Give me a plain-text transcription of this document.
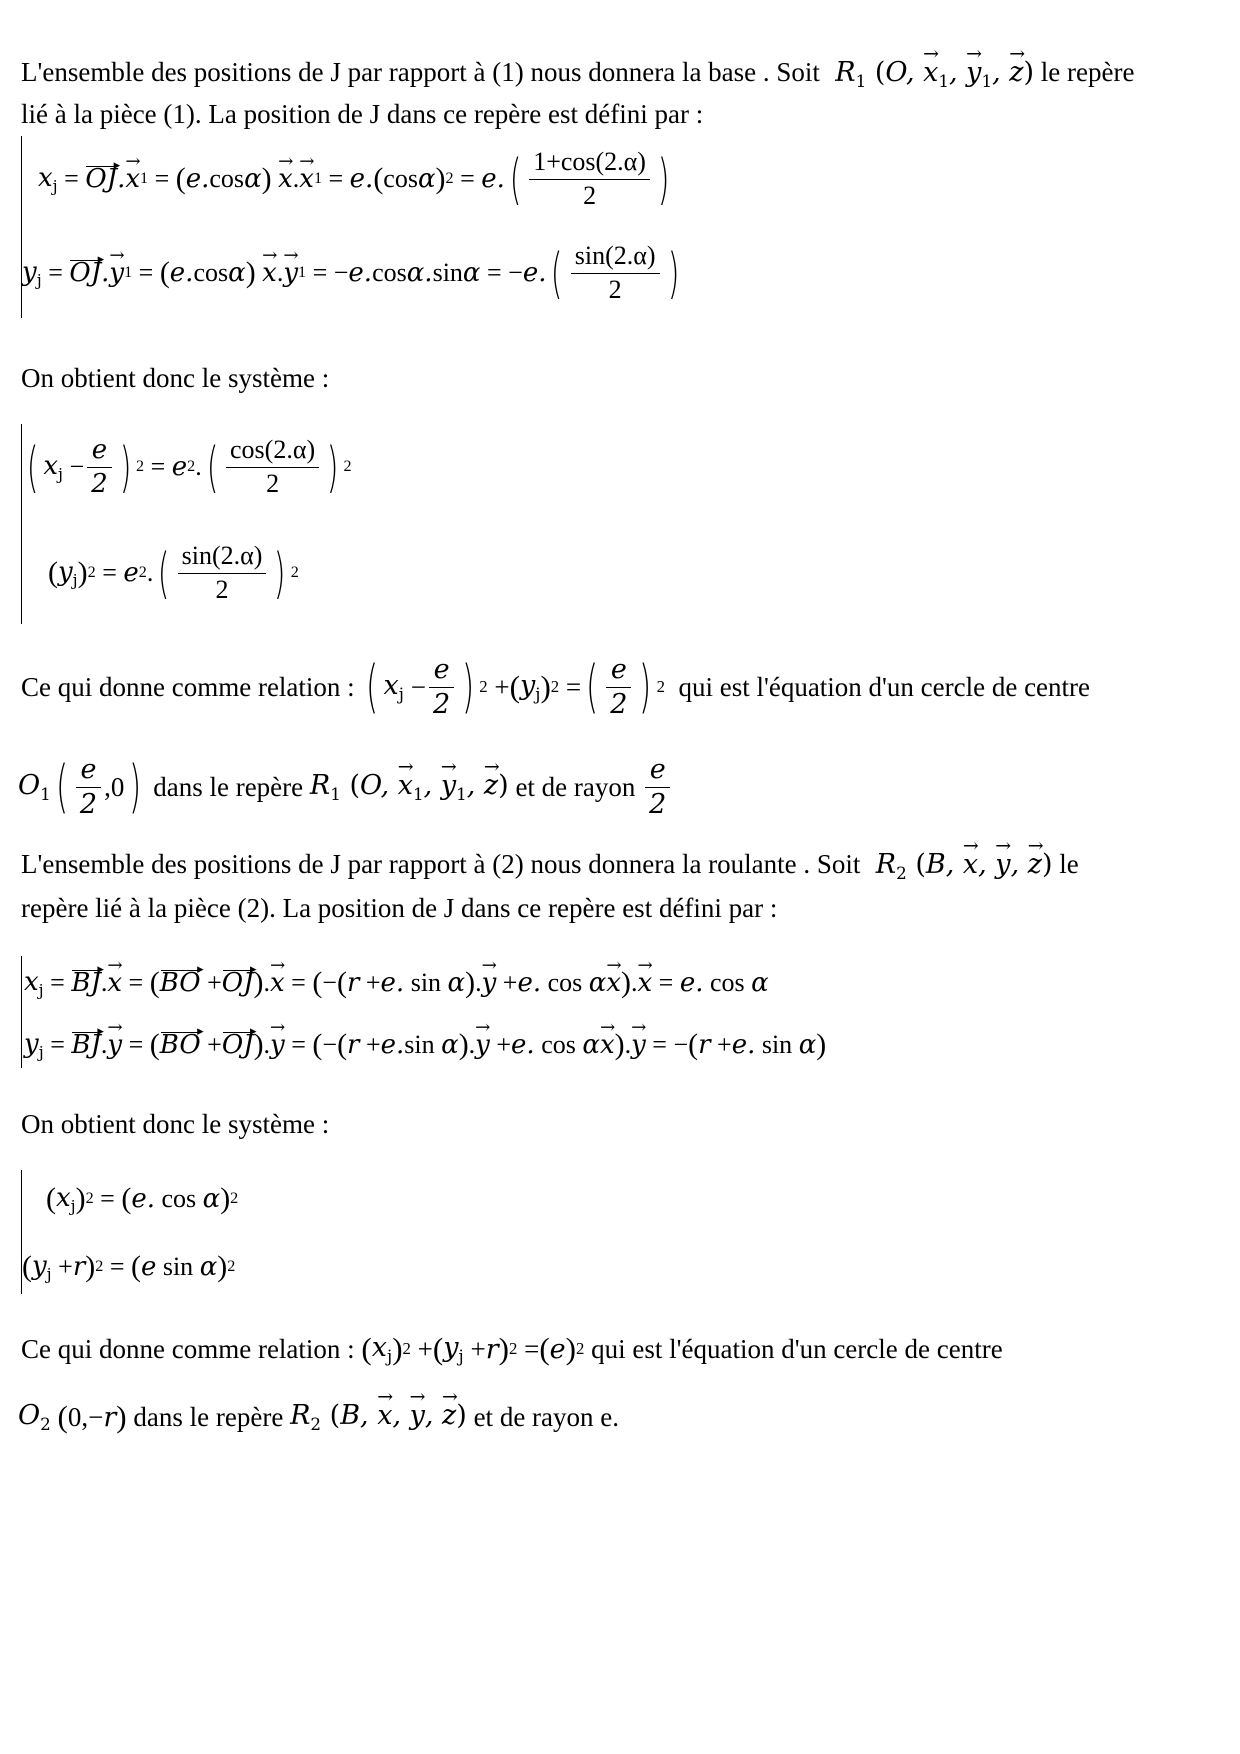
L'ensemble des positions de J par rapport à (1) nous donnera la base . Soit  $R_1$ (O, → $x_1$, → $y_1$, → z) le repère
lié à la pièce (1). La position de J dans ce repère est défini par :
$x_j$ = OJ ▸ . → x 1 = ( e. cos α )
→ x . → x 1 = e. ( cos α ) 2 = e. ( $\frac{1+\cos(2.\alpha)}{2}$ )
$y_j$ = OJ ▸ . → y 1 = ( e. cos α )
→ x . → y 1 = − e. cos α. sin α = − e. ( $\frac{\sin(2.\alpha)}{2}$ )
On obtient donc le système :
( $x_j - \frac{e}{2}$ ) 2 = e 2 . ( $\frac{\cos(2.\alpha)}{2}$ ) 2
( $y_j$ ) 2 = e 2 . ( $\frac{\sin(2.\alpha)}{2}$ ) 2
Ce qui donne comme relation :
( $x_j - \frac{e}{2}$ ) 2 + ( $y_j$ ) 2 = ( $\frac{e}{2}$ ) 2
qui est l'équation d'un cercle de centre
$O_1$ ( $\frac{e}{2} ,0$ )
dans le repère
$R_1$ (O, → $x_1$, → $y_1$, → z)
et de rayon
$\frac{e}{2}$
L'ensemble des positions de J par rapport à (2) nous donnera la roulante . Soit  $R_2$ (B, → x, → y, → z) le
repère lié à la pièce (2). La position de J dans ce repère est défini par :
$x_j$ = BJ ▸ . → x = ( BO ▸ + OJ ▸ ) . → x = ( − ( r + e. sin α ) . → y + e. cos α → x ) . → x = e. cos α
$y_j$ = BJ ▸ . → y = ( BO ▸ + OJ ▸ ) . → y = ( − ( r + e. sin α ) . → y + e. cos α → x ) . → y = − ( r + e. sin α )
On obtient donc le système :
( $x_j$ ) 2 = ( e. cos α ) 2
( $y_j + r$ ) 2 = ( e sin α ) 2
Ce qui donne comme relation :
( $x_j$ ) 2 + ( $y_j + r$ ) 2 = ( e ) 2
qui est l'équation d'un cercle de centre
$O_2$
( 0,− r )
dans le repère
$R_2$ (B, → x, → y, → z)
et de rayon e.
